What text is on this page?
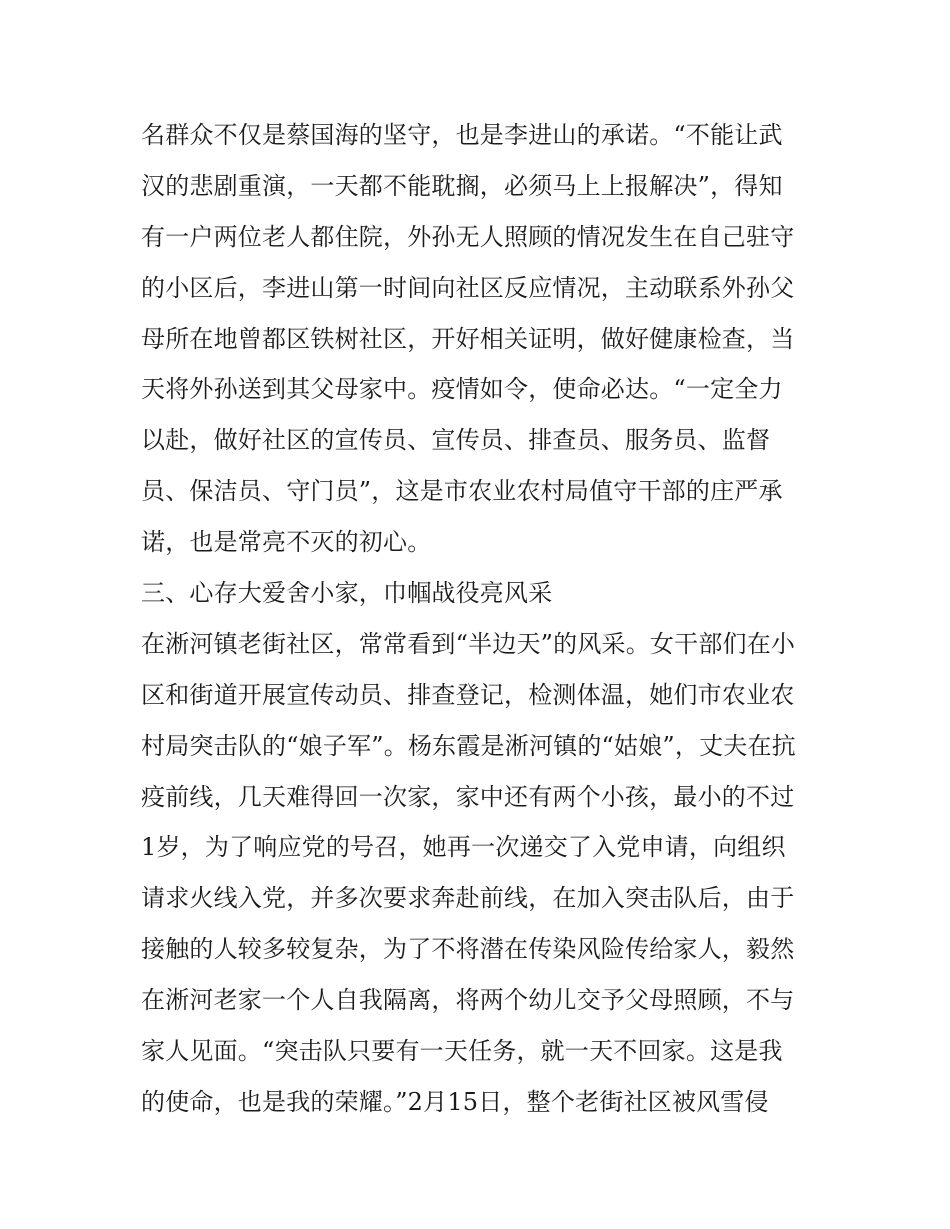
名群众不仅是蔡国海的坚守，也是李进山的承诺。“不能让武
汉的悲剧重演，一天都不能耽搁，必须马上上报解决”，得知
有一户两位老人都住院，外孙无人照顾的情况发生在自己驻守
的小区后，李进山第一时间向社区反应情况，主动联系外孙父
母所在地曾都区铁树社区，开好相关证明，做好健康检查，当
天将外孙送到其父母家中。疫情如令，使命必达。“一定全力
以赴，做好社区的宣传员、宣传员、排查员、服务员、监督
员、保洁员、守门员”，这是市农业农村局值守干部的庄严承
诺，也是常亮不灭的初心。
三、心存大爱舍小家，巾帼战役亮风采
在淅河镇老街社区，常常看到“半边天”的风采。女干部们在小
区和街道开展宣传动员、排查登记，检测体温，她们市农业农
村局突击队的“娘子军”。杨东霞是淅河镇的“姑娘”，丈夫在抗
疫前线，几天难得回一次家，家中还有两个小孩，最小的不过
1岁，为了响应党的号召，她再一次递交了入党申请，向组织
请求火线入党，并多次要求奔赴前线，在加入突击队后，由于
接触的人较多较复杂，为了不将潜在传染风险传给家人，毅然
在淅河老家一个人自我隔离，将两个幼儿交予父母照顾，不与
家人见面。“突击队只要有一天任务，就一天不回家。这是我
的使命，也是我的荣耀。”2月15日，整个老街社区被风雪侵
